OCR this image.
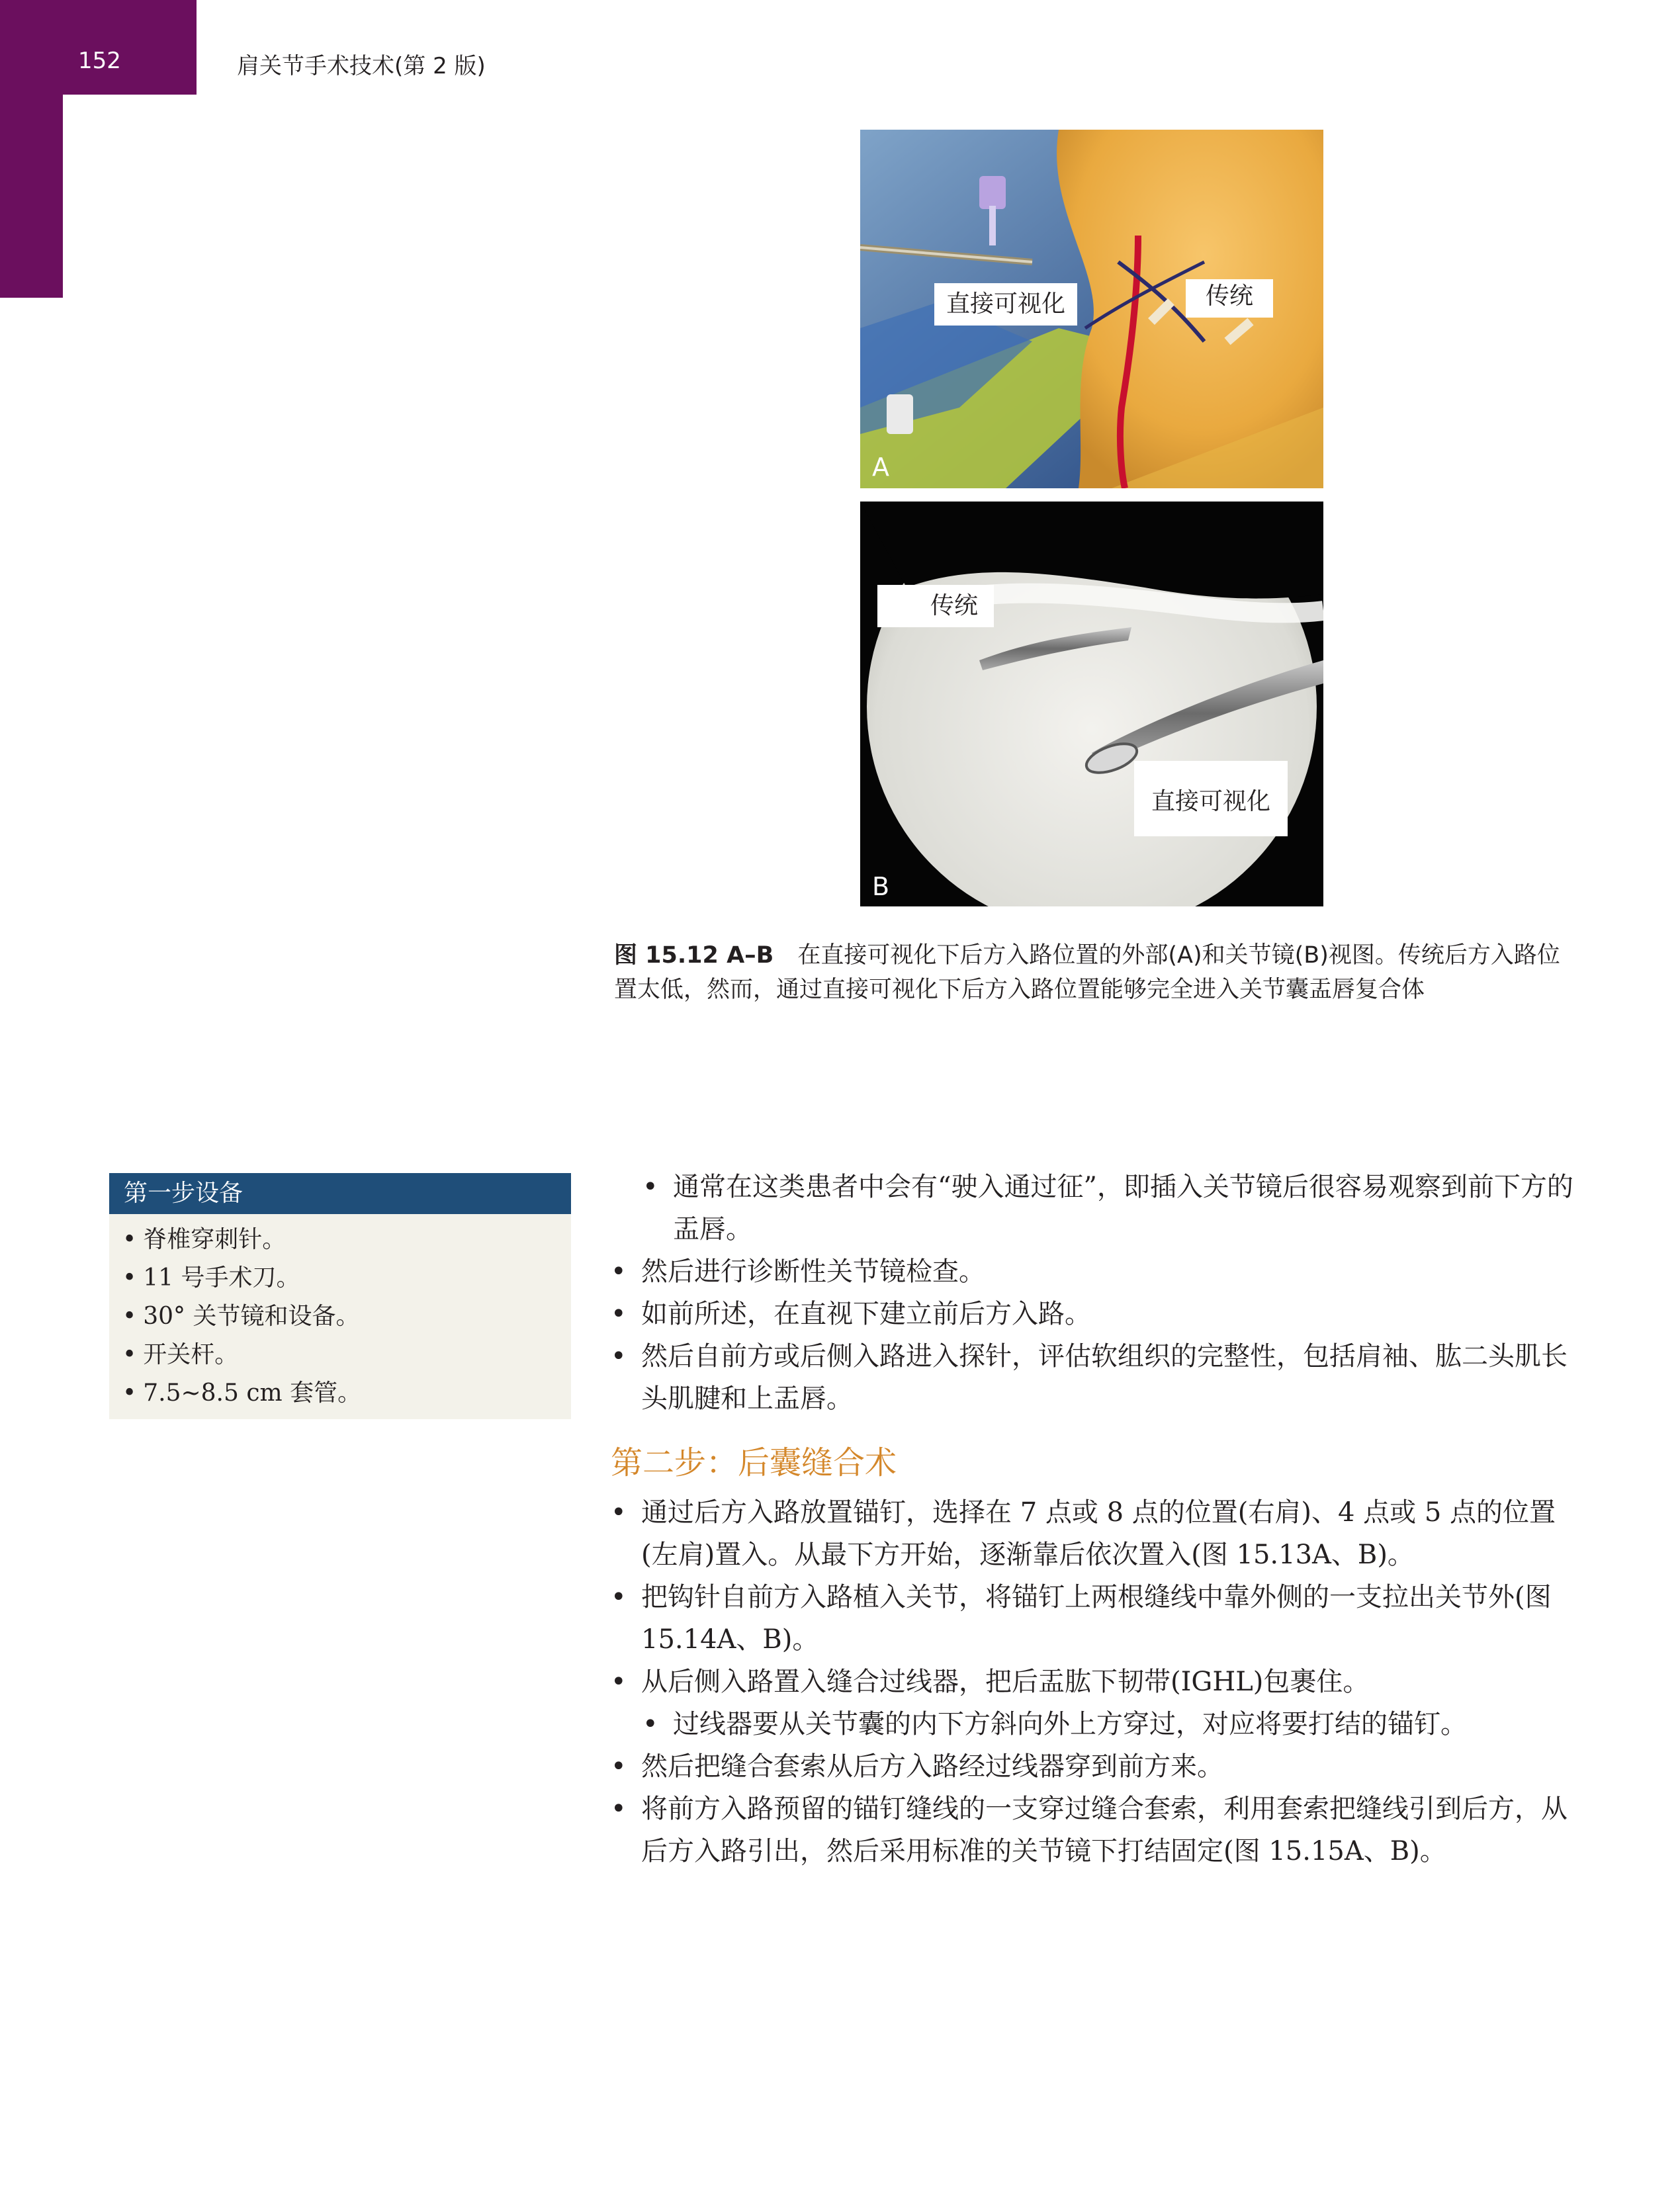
152	肩关节手术技术(第 2 版)
直接可视化	传统
A
传统
直接可视化
B
图 15.12 A–B 在直接可视化下后方入路位置的外部(A)和关节镜(B)视图。传统后方入路位置太低，然而，通过直接可视化下后方入路位置能够完全进入关节囊盂唇复合体
第一步设备
• 脊椎穿刺针。
• 11 号手术刀。
• 30° 关节镜和设备。
• 开关杆。
• 7.5~8.5 cm 套管。
• 通常在这类患者中会有“驶入通过征”，即插入关节镜后很容易观察到前下方的盂唇。
• 然后进行诊断性关节镜检查。
• 如前所述，在直视下建立前后方入路。
• 然后自前方或后侧入路进入探针，评估软组织的完整性，包括肩袖、肱二头肌长头肌腱和上盂唇。
第二步：后囊缝合术
• 通过后方入路放置锚钉，选择在 7 点或 8 点的位置(右肩)、4 点或 5 点的位置(左肩)置入。从最下方开始，逐渐靠后依次置入(图 15.13A、B)。
• 把钩针自前方入路植入关节，将锚钉上两根缝线中靠外侧的一支拉出关节外(图 15.14A、B)。
• 从后侧入路置入缝合过线器，把后盂肱下韧带(IGHL)包裹住。
• 过线器要从关节囊的内下方斜向外上方穿过，对应将要打结的锚钉。
• 然后把缝合套索从后方入路经过线器穿到前方来。
• 将前方入路预留的锚钉缝线的一支穿过缝合套索，利用套索把缝线引到后方，从后方入路引出，然后采用标准的关节镜下打结固定(图 15.15A、B)。
